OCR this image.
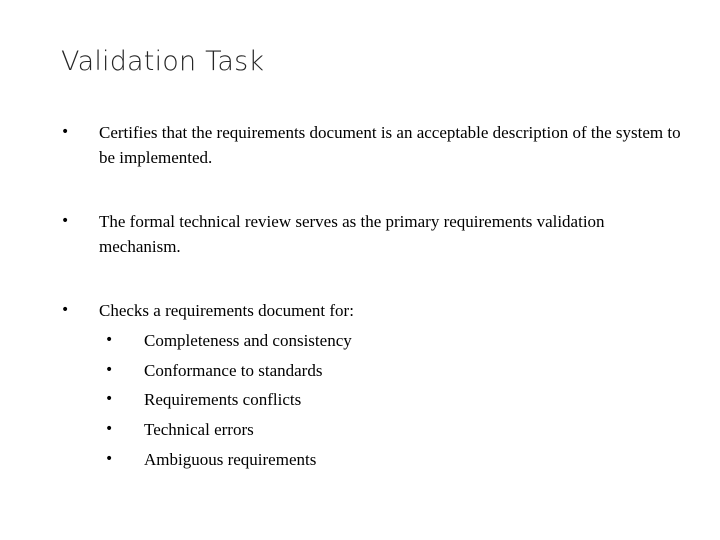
Validation Task
• Certifies that the requirements document is an acceptable description of the system to be implemented.
• The formal technical review serves as the primary requirements validation mechanism.
• Checks a requirements document for:
• Completeness and consistency
• Conformance to standards
• Requirements conflicts
• Technical errors
• Ambiguous requirements
